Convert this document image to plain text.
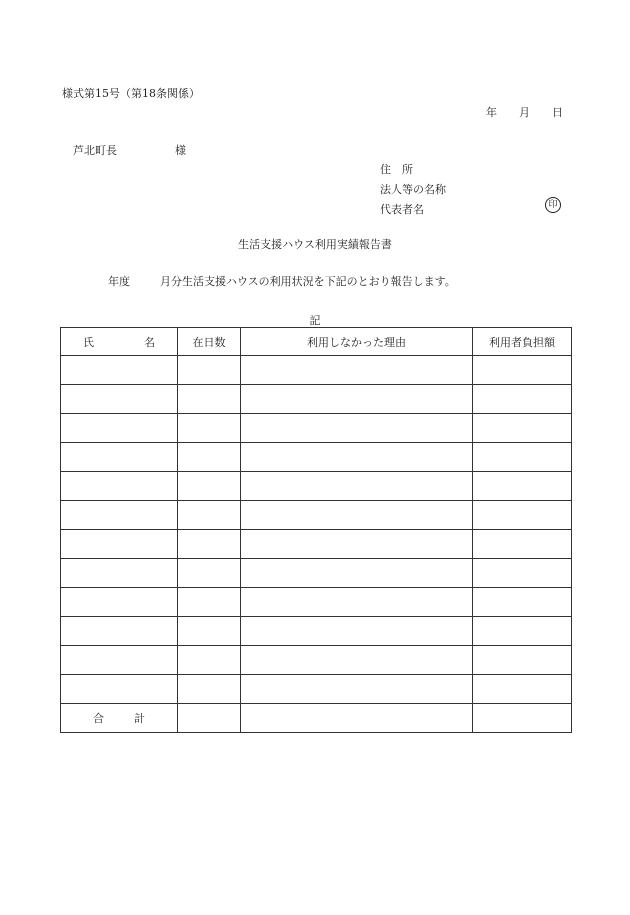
様式第15号（第18条関係）
年 月 日
芦北町長	様
住　所
法人等の名称
代表者名	印
生活支援ハウス利用実績報告書
年度	月分生活支援ハウスの利用状況を下記のとおり報告します。
記
氏 名	在日数	利用しなかった理由	利用者負担額

合 計			
